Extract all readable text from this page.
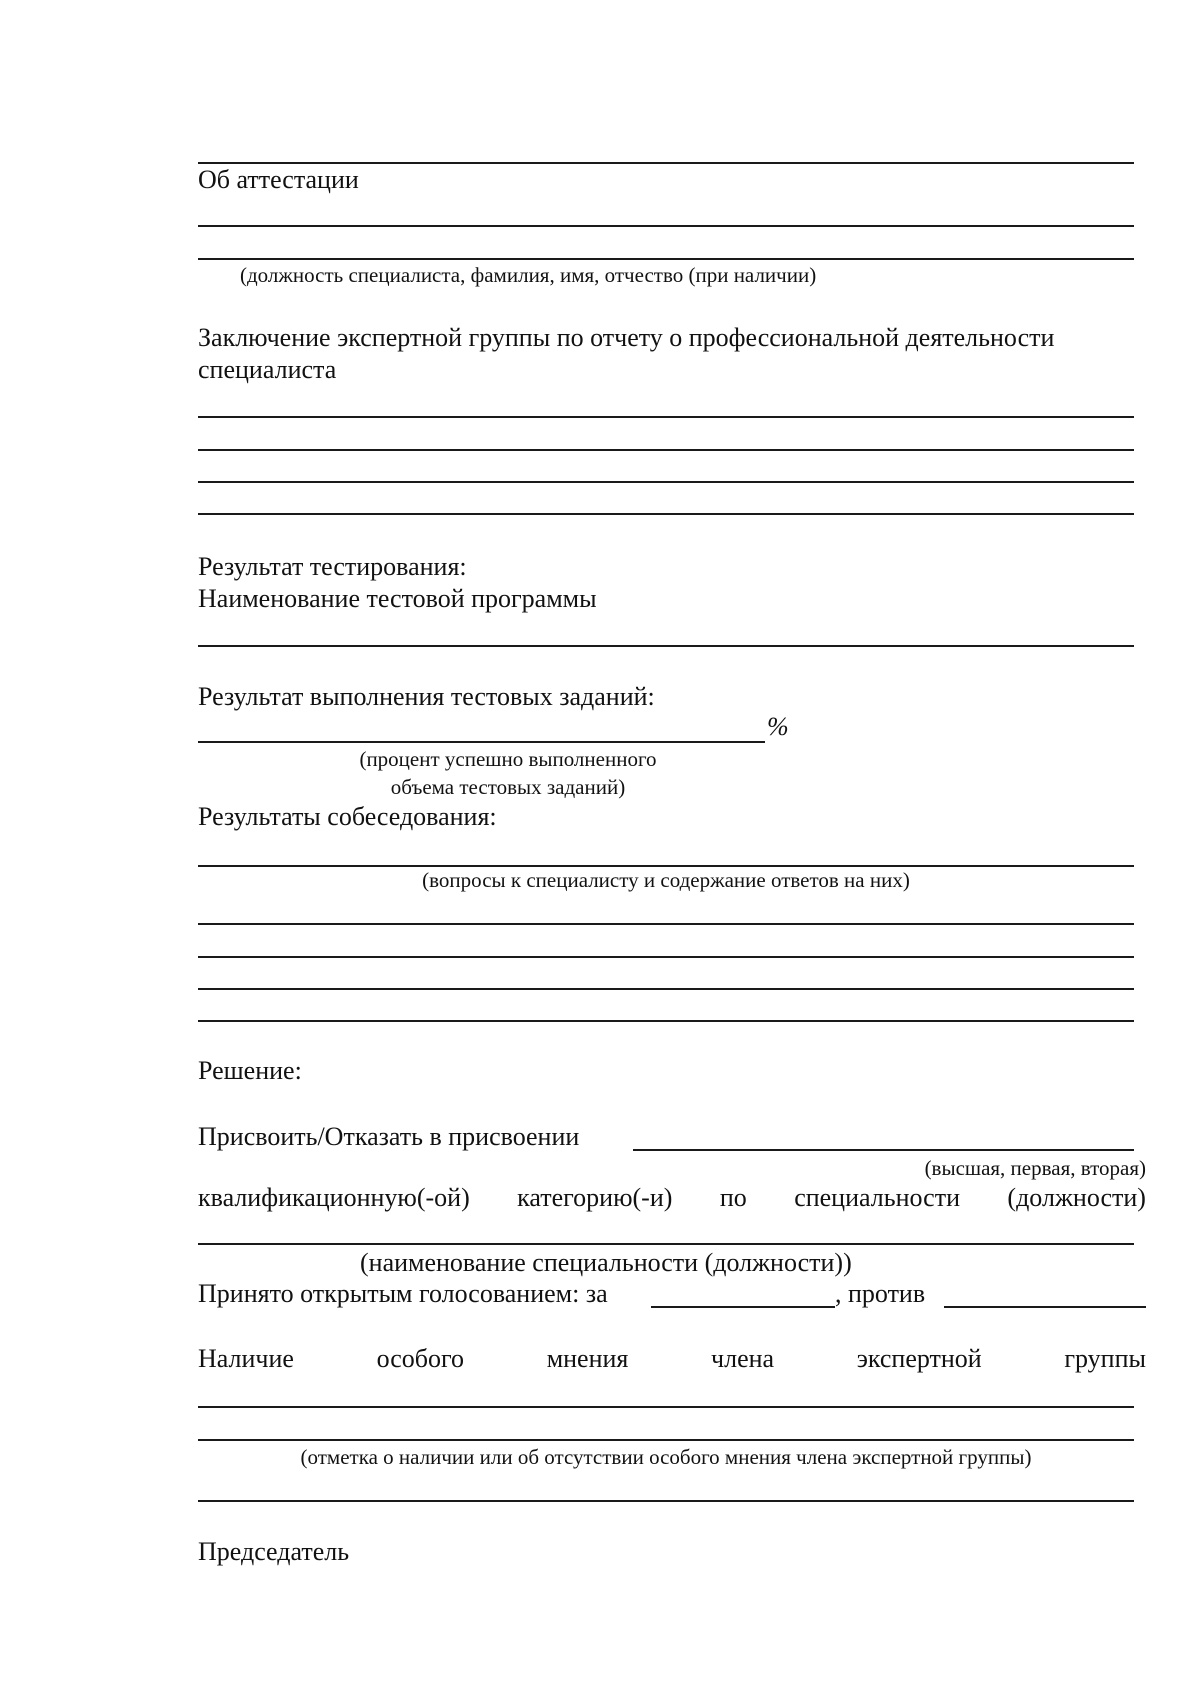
Об аттестации
(должность специалиста, фамилия, имя, отчество (при наличии)
Заключение экспертной группы по отчету о профессиональной деятельности
специалиста
Результат тестирования:
Наименование тестовой программы
Результат выполнения тестовых заданий:
%
(процент успешно выполненного
объема тестовых заданий)
Результаты собеседования:
(вопросы к специалисту и содержание ответов на них)
Решение:
Присвоить/Отказать в присвоении
(высшая, первая, вторая)
квалификационную(-ой) категорию(-и) по специальности (должности)
(наименование специальности (должности))
Принято открытым голосованием: за	, против
Наличие	особого	мнения	члена	экспертной	группы
(отметка о наличии или об отсутствии особого мнения члена экспертной группы)
Председатель
